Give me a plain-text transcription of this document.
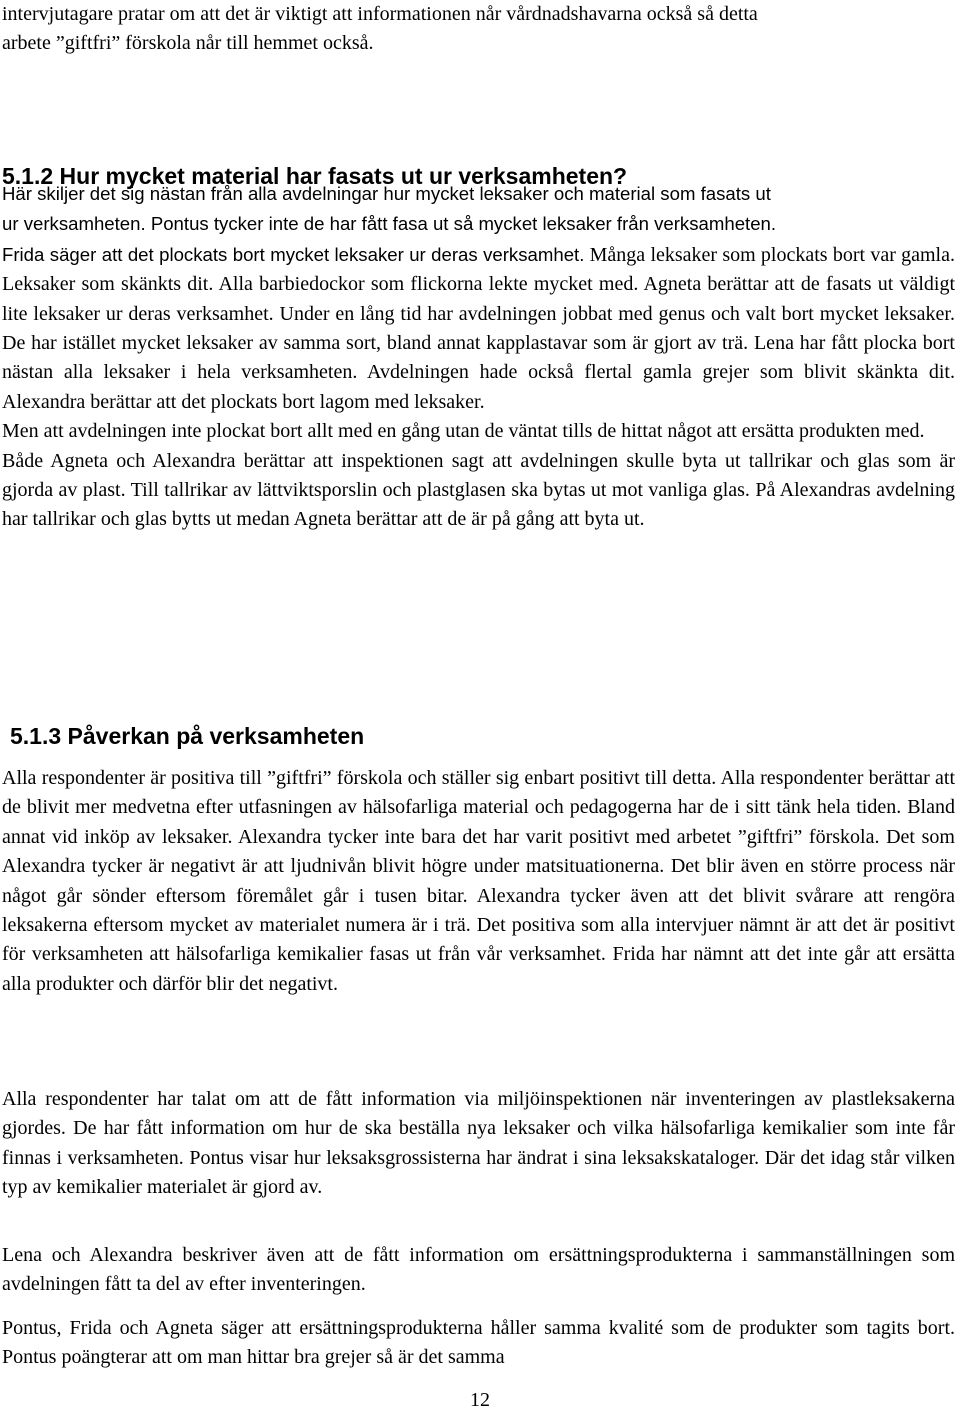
intervjutagare pratar om att det är viktigt att informationen når vårdnadshavarna också så detta
arbete ”giftfri” förskola når till hemmet också.

5.1.2 Hur mycket material har fasats ut ur verksamheten?

Här skiljer det sig nästan från alla avdelningar hur mycket leksaker och material som fasats ut
ur verksamheten. Pontus tycker inte de har fått fasa ut så mycket leksaker från verksamheten.
Frida säger att det plockats bort mycket leksaker ur deras verksamhet. Många leksaker som plockats bort var gamla. Leksaker som skänkts dit. Alla barbiedockor som flickorna lekte mycket med. Agneta berättar att de fasats ut väldigt lite leksaker ur deras verksamhet. Under en lång tid har avdelningen jobbat med genus och valt bort mycket leksaker. De har istället mycket leksaker av samma sort, bland annat kapplastavar som är gjort av trä. Lena har fått plocka bort nästan alla leksaker i hela verksamheten. Avdelningen hade också flertal gamla grejer som blivit skänkta dit. Alexandra berättar att det plockats bort lagom med leksaker.

Men att avdelningen inte plockat bort allt med en gång utan de väntat tills de hittat något att ersätta produkten med.

Både Agneta och Alexandra berättar att inspektionen sagt att avdelningen skulle byta ut tallrikar och glas som är gjorda av plast. Till tallrikar av lättviktsporslin och plastglasen ska bytas ut mot vanliga glas. På Alexandras avdelning har tallrikar och glas bytts ut medan Agneta berättar att de är på gång att byta ut.

5.1.3 Påverkan på verksamheten

Alla respondenter är positiva till ”giftfri” förskola och ställer sig enbart positivt till detta. Alla respondenter berättar att de blivit mer medvetna efter utfasningen av hälsofarliga material och pedagogerna har de i sitt tänk hela tiden. Bland annat vid inköp av leksaker. Alexandra tycker inte bara det har varit positivt med arbetet ”giftfri” förskola. Det som Alexandra tycker är negativt är att ljudnivån blivit högre under matsituationerna. Det blir även en större process när något går sönder eftersom föremålet går i tusen bitar. Alexandra tycker även att det blivit svårare att rengöra leksakerna eftersom mycket av materialet numera är i trä. Det positiva som alla intervjuer nämnt är att det är positivt för verksamheten att hälsofarliga kemikalier fasas ut från vår verksamhet. Frida har nämnt att det inte går att ersätta alla produkter och därför blir det negativt.

Alla respondenter har talat om att de fått information via miljöinspektionen när inventeringen av plastleksakerna gjordes. De har fått information om hur de ska beställa nya leksaker och vilka hälsofarliga kemikalier som inte får finnas i verksamheten. Pontus visar hur leksaksgrossisterna har ändrat i sina leksakskataloger. Där det idag står vilken typ av kemikalier materialet är gjord av.

Lena och Alexandra beskriver även att de fått information om ersättningsprodukterna i sammanställningen som avdelningen fått ta del av efter inventeringen.

Pontus, Frida och Agneta säger att ersättningsprodukterna håller samma kvalité som de produkter som tagits bort. Pontus poängterar att om man hittar bra grejer så är det samma

12
